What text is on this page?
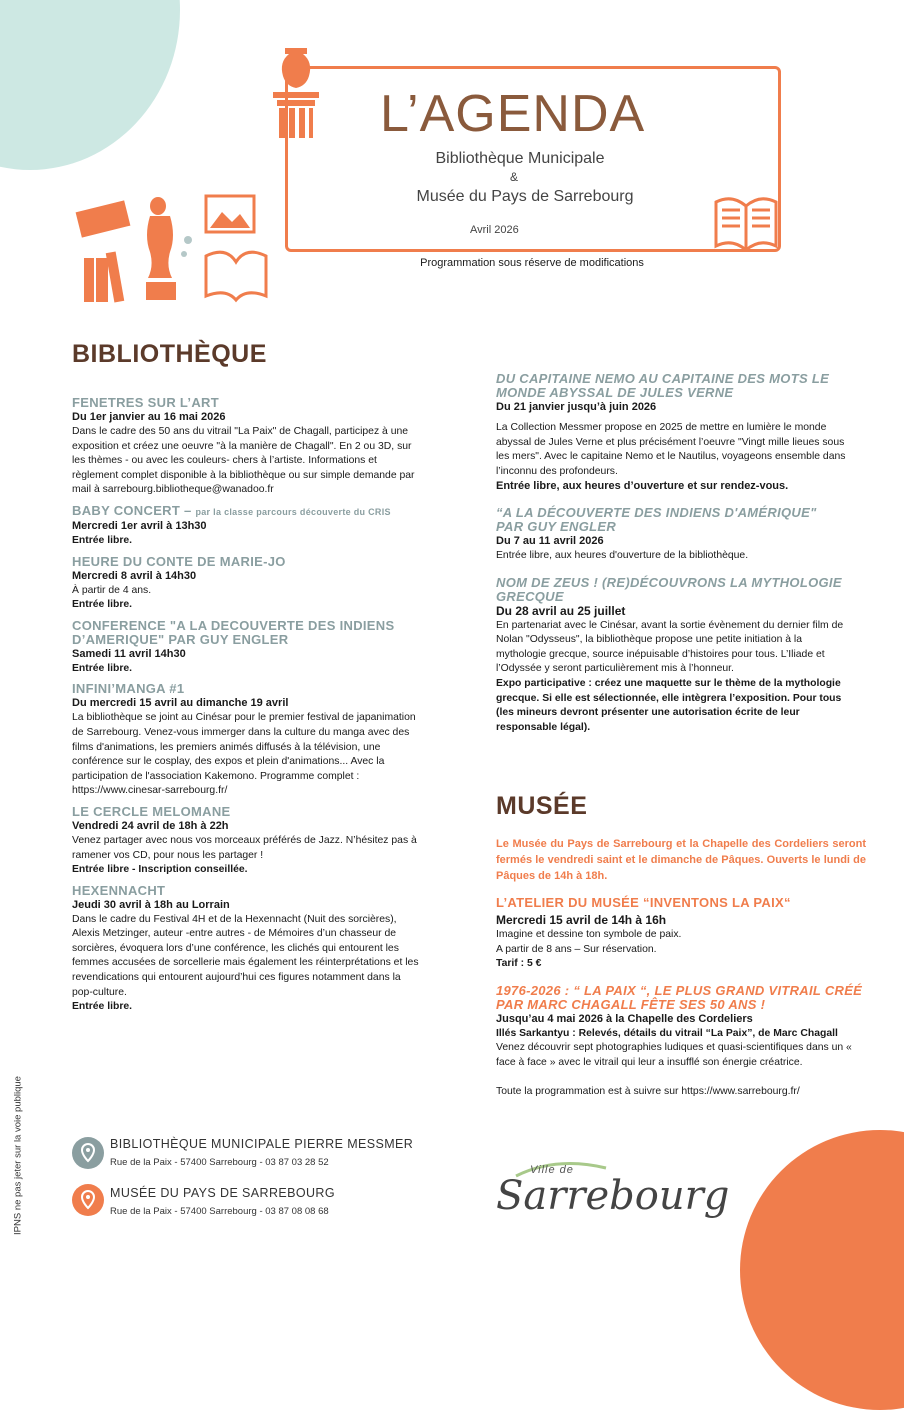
L’AGENDA
Bibliothèque Municipale
&
Musée du Pays de Sarrebourg
Avril 2026
Programmation sous réserve de modifications
BIBLIOTHÈQUE
FENETRES SUR L’ART
Du 1er janvier au 16 mai 2026
Dans le cadre des 50 ans du vitrail "La Paix" de Chagall, participez à une exposition et créez une oeuvre "à la manière de Chagall". En 2 ou 3D, sur les thèmes - ou avec les couleurs- chers à l’artiste. Informations et règlement complet disponible à la bibliothèque ou sur simple demande par mail à sarrebourg.bibliotheque@wanadoo.fr
BABY CONCERT – par la classe parcours découverte du CRIS
Mercredi 1er avril à 13h30
Entrée libre.
HEURE DU CONTE DE MARIE-JO
Mercredi 8 avril à 14h30
À partir de 4 ans.
Entrée libre.
CONFERENCE "A LA DECOUVERTE DES INDIENS D’AMERIQUE" PAR GUY ENGLER
Samedi 11 avril 14h30
Entrée libre.
INFINI’MANGA #1
Du mercredi 15 avril au dimanche 19 avril
La bibliothèque se joint au Cinésar pour le premier festival de japanimation de Sarrebourg. Venez-vous immerger dans la culture du manga avec des films d'animations, les premiers animés diffusés à la télévision, une conférence sur le cosplay, des expos et plein d'animations... Avec la participation de l'association Kakemono. Programme complet : https://www.cinesar-sarrebourg.fr/
LE CERCLE MELOMANE
Vendredi 24 avril de 18h à 22h
Venez partager avec nous vos morceaux préférés de Jazz. N’hésitez pas à ramener vos CD, pour nous les partager !
Entrée libre - Inscription conseillée.
HEXENNACHT
Jeudi 30 avril à 18h au Lorrain
Dans le cadre du Festival 4H et de la Hexennacht (Nuit des sorcières), Alexis Metzinger, auteur -entre autres - de Mémoires d’un chasseur de sorcières, évoquera lors d’une conférence, les clichés qui entourent les femmes accusées de sorcellerie mais également les réinterprétations et les revendications qui entourent aujourd’hui ces figures notamment dans la pop-culture.
Entrée libre.
DU CAPITAINE NEMO AU CAPITAINE DES MOTS LE MONDE ABYSSAL DE JULES VERNE
Du 21 janvier jusqu’à juin 2026
La Collection Messmer propose en 2025 de mettre en lumière le monde abyssal de Jules Verne et plus précisément l’oeuvre "Vingt mille lieues sous les mers". Avec le capitaine Nemo et le Nautilus, voyageons ensemble dans l’inconnu des profondeurs.
Entrée libre, aux heures d’ouverture et sur rendez-vous.
“A LA DÉCOUVERTE DES INDIENS D'AMÉRIQUE" PAR GUY ENGLER
Du 7 au 11 avril 2026
Entrée libre, aux heures d'ouverture de la bibliothèque.
NOM DE ZEUS ! (RE)DÉCOUVRONS LA MYTHOLOGIE GRECQUE
Du 28 avril au 25 juillet
En partenariat avec le Cinésar, avant la sortie évènement du dernier film de Nolan "Odysseus", la bibliothèque propose une petite initiation à la mythologie grecque, source inépuisable d’histoires pour tous. L’Iliade et l’Odyssée y seront particulièrement mis à l’honneur.
Expo participative : créez une maquette sur le thème de la mythologie grecque. Si elle est sélectionnée, elle intègrera l’exposition. Pour tous (les mineurs devront présenter une autorisation écrite de leur responsable légal).
MUSÉE
Le Musée du Pays de Sarrebourg et la Chapelle des Cordeliers seront fermés le vendredi saint et le dimanche de Pâques. Ouverts le lundi de Pâques de 14h à 18h.
L’ATELIER DU MUSÉE “INVENTONS LA PAIX“
Mercredi 15 avril de 14h à 16h
Imagine et dessine ton symbole de paix.
A partir de 8 ans – Sur réservation.
Tarif : 5 €
1976-2026 : “ LA PAIX “, LE PLUS GRAND VITRAIL CRÉÉ PAR MARC CHAGALL FÊTE SES 50 ANS !
Jusqu’au 4 mai 2026 à la Chapelle des Cordeliers
Illés Sarkantyu : Relevés, détails du vitrail “La Paix”, de Marc Chagall
Venez découvrir sept photographies ludiques et quasi-scientifiques dans un « face à face » avec le vitrail qui leur a insufflé son énergie créatrice.
Toute la programmation est à suivre sur https://www.sarrebourg.fr/
BIBLIOTHÈQUE MUNICIPALE PIERRE MESSMER
Rue de la Paix - 57400 Sarrebourg - 03 87 03 28 52
MUSÉE DU PAYS DE SARREBOURG
Rue de la Paix - 57400 Sarrebourg - 03 87 08 08 68
IPNS ne pas jeter sur la voie publique	Ville de
Sarrebourg
